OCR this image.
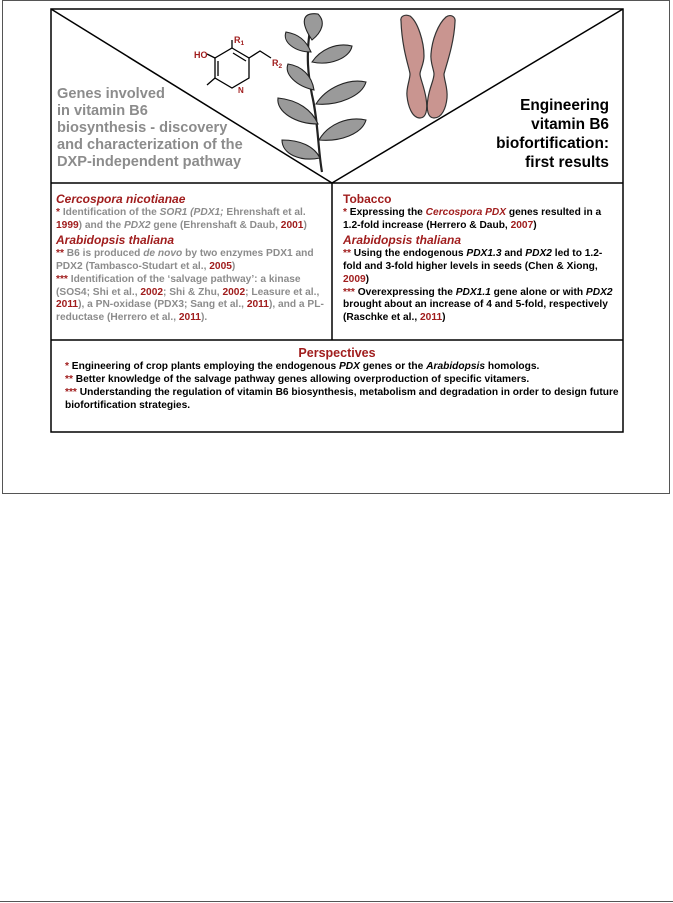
$R_1$
$R_2$
HO
N
Genes involved
in vitamin B6
biosynthesis - discovery
and characterization of the
DXP-independent pathway
Engineering
vitamin B6
biofortification:
first results
Cercospora nicotianae

* Identification of the SOR1 (PDX1; Ehrenshaft et al. 1999) and the PDX2 gene (Ehrenshaft & Daub, 2001)

Arabidopsis thaliana

** B6 is produced de novo by two enzymes PDX1 and PDX2 (Tambasco-Studart et al., 2005)

*** Identification of the ‘salvage pathway’: a kinase (SOS4; Shi et al., 2002; Shi & Zhu, 2002; Leasure et al., 2011), a PN-oxidase (PDX3; Sang et al., 2011), and a PL-reductase (Herrero et al., 2011).

Tobacco

* Expressing the Cercospora PDX genes resulted in a 1.2-fold increase (Herrero & Daub, 2007)

Arabidopsis thaliana

** Using the endogenous PDX1.3 and PDX2 led to 1.2-fold and 3-fold higher levels in seeds (Chen & Xiong, 2009)

*** Overexpressing the PDX1.1 gene alone or with PDX2 brought about an increase of 4 and 5-fold, respectively (Raschke et al., 2011)

Perspectives

* Engineering of crop plants employing the endogenous PDX genes or the Arabidopsis homologs.

** Better knowledge of the salvage pathway genes allowing overproduction of specific vitamers.

*** Understanding the regulation of vitamin B6 biosynthesis, metabolism and degradation in order to design future biofortification strategies.
